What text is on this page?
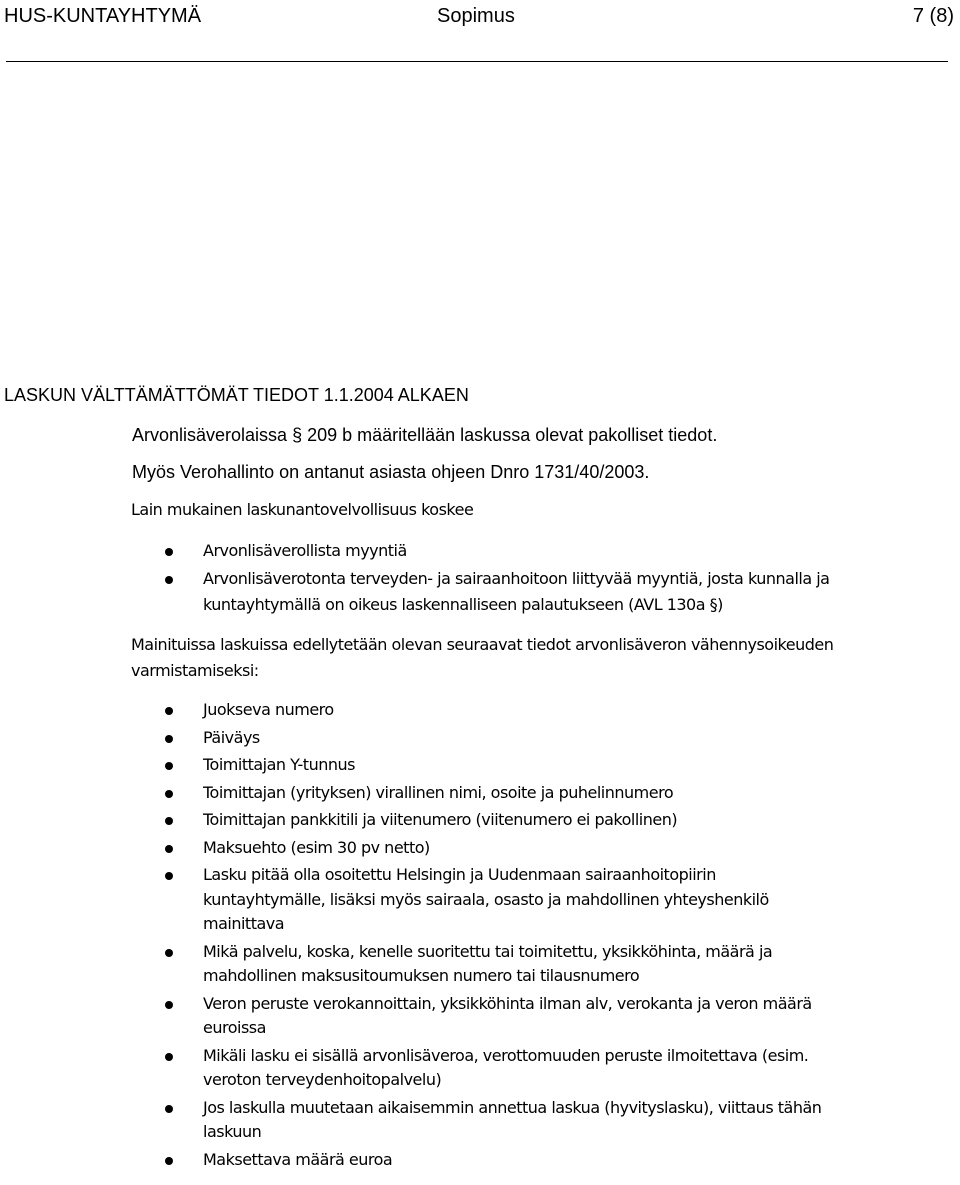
HUS-KUNTAYHTYMÄ	Sopimus	7 (8)
LASKUN VÄLTTÄMÄTTÖMÄT TIEDOT 1.1.2004 ALKAEN
Arvonlisäverolaissa § 209 b määritellään laskussa olevat pakolliset tiedot.
Myös Verohallinto on antanut asiasta ohjeen Dnro 1731/40/2003.
Lain mukainen laskunantovelvollisuus koskee
Arvonlisäverollista myyntiä
Arvonlisäverotonta terveyden- ja sairaanhoitoon liittyvää myyntiä, josta kunnalla ja
kuntayhtymällä on oikeus laskennalliseen palautukseen (AVL 130a §)
Mainituissa laskuissa edellytetään olevan seuraavat tiedot arvonlisäveron vähennysoikeuden
varmistamiseksi:
Juokseva numero
Päiväys
Toimittajan Y-tunnus
Toimittajan (yrityksen) virallinen nimi, osoite ja puhelinnumero
Toimittajan pankkitili ja viitenumero (viitenumero ei pakollinen)
Maksuehto (esim 30 pv netto)
Lasku pitää olla osoitettu Helsingin ja Uudenmaan sairaanhoitopiirin
kuntayhtymälle, lisäksi myös sairaala, osasto ja mahdollinen yhteyshenkilö
mainittava
Mikä palvelu, koska, kenelle suoritettu tai toimitettu, yksikköhinta, määrä ja
mahdollinen maksusitoumuksen numero tai tilausnumero
Veron peruste verokannoittain, yksikköhinta ilman alv, verokanta ja veron määrä
euroissa
Mikäli lasku ei sisällä arvonlisäveroa, verottomuuden peruste ilmoitettava (esim.
veroton terveydenhoitopalvelu)
Jos laskulla muutetaan aikaisemmin annettua laskua (hyvityslasku), viittaus tähän
laskuun
Maksettava määrä euroa
